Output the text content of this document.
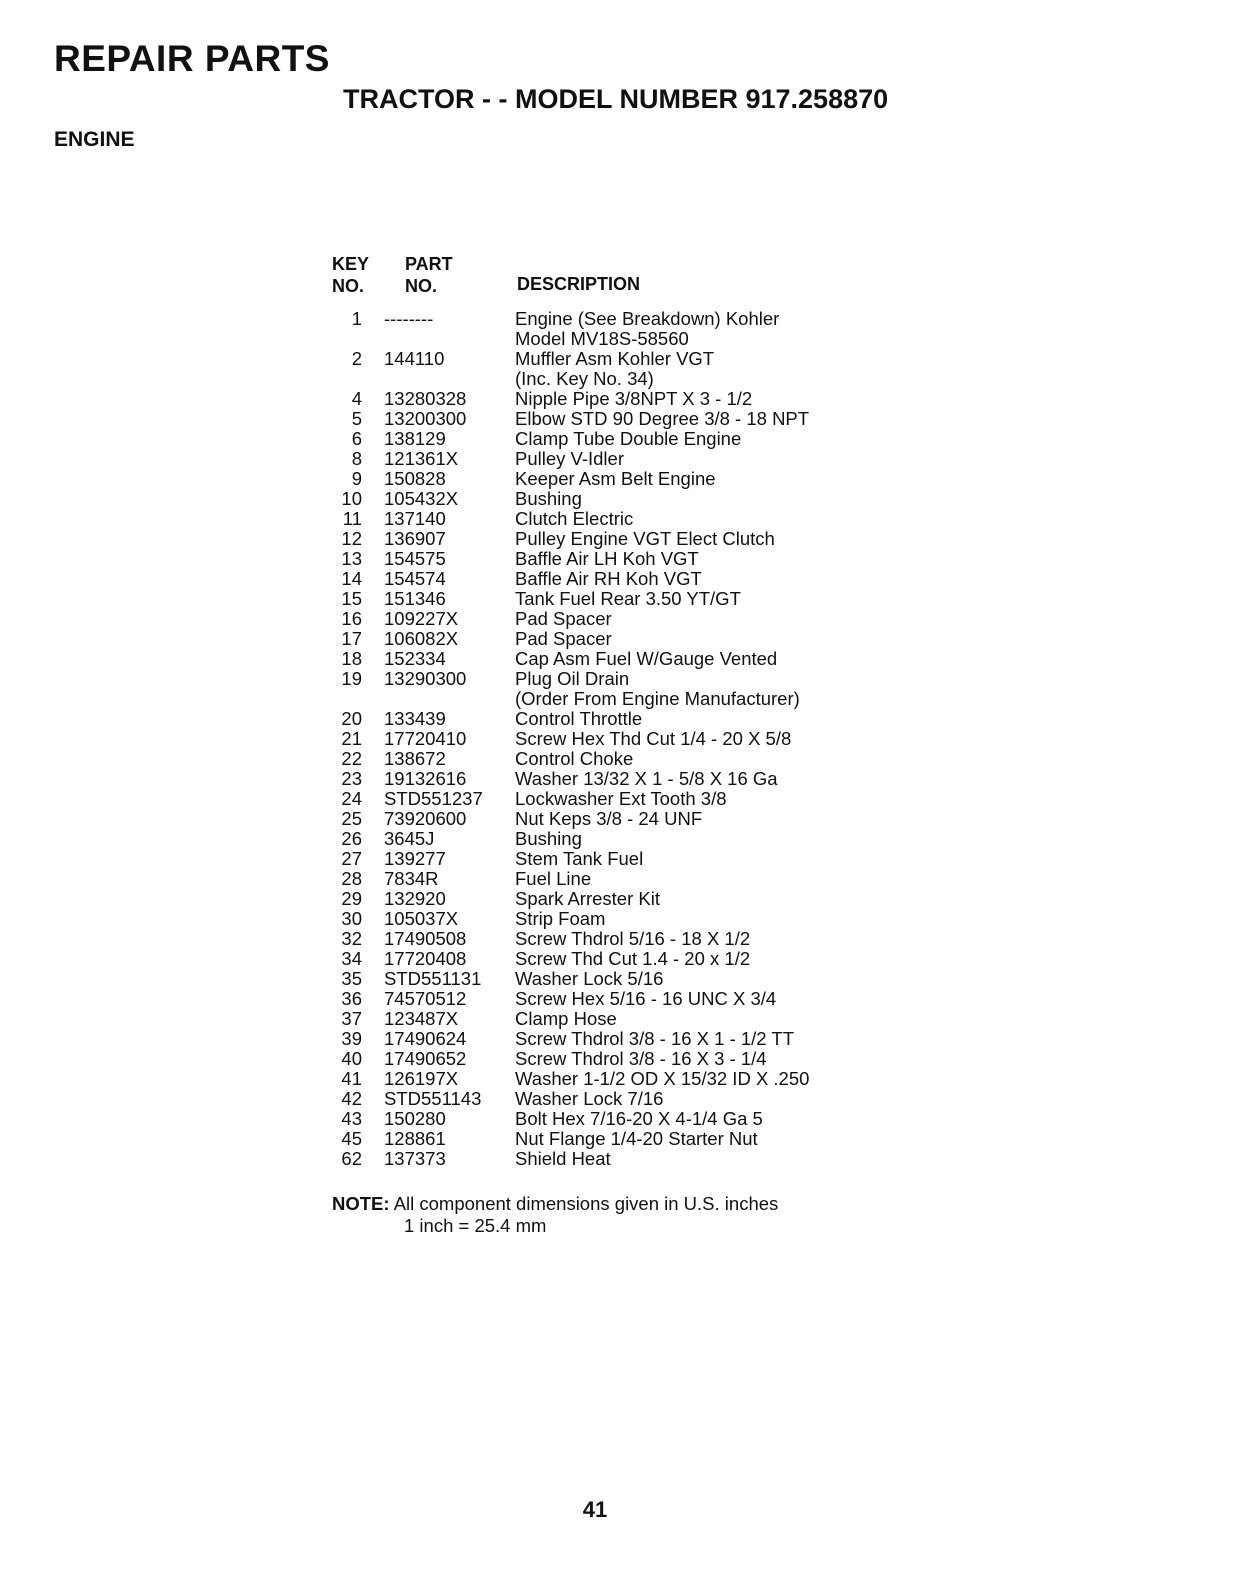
REPAIR PARTS
TRACTOR - - MODEL NUMBER 917.258870
ENGINE
KEY
NO.
PART
NO.	DESCRIPTION
1	--------	Engine (See Breakdown) Kohler
Model MV18S-58560
2	144110	Muffler Asm Kohler VGT
(Inc. Key No. 34)
4	13280328	Nipple Pipe 3/8NPT X 3 - 1/2
5	13200300	Elbow STD 90 Degree 3/8 - 18 NPT
6	138129	Clamp Tube Double Engine
8	121361X	Pulley V-Idler
9	150828	Keeper Asm Belt Engine
10	105432X	Bushing
11	137140	Clutch Electric
12	136907	Pulley Engine VGT Elect Clutch
13	154575	Baffle Air LH Koh VGT
14	154574	Baffle Air RH Koh VGT
15	151346	Tank Fuel Rear 3.50 YT/GT
16	109227X	Pad Spacer
17	106082X	Pad Spacer
18	152334	Cap Asm Fuel W/Gauge Vented
19	13290300	Plug Oil Drain
(Order From Engine Manufacturer)
20	133439	Control Throttle
21	17720410	Screw Hex Thd Cut 1/4 - 20 X 5/8
22	138672	Control Choke
23	19132616	Washer 13/32 X 1 - 5/8 X 16 Ga
24	STD551237	Lockwasher Ext Tooth 3/8
25	73920600	Nut Keps 3/8 - 24 UNF
26	3645J	Bushing
27	139277	Stem Tank Fuel
28	7834R	Fuel Line
29	132920	Spark Arrester Kit
30	105037X	Strip Foam
32	17490508	Screw Thdrol 5/16 - 18 X 1/2
34	17720408	Screw Thd Cut 1.4 - 20 x 1/2
35	STD551131	Washer Lock 5/16
36	74570512	Screw Hex 5/16 - 16 UNC X 3/4
37	123487X	Clamp Hose
39	17490624	Screw Thdrol 3/8 - 16 X 1 - 1/2 TT
40	17490652	Screw Thdrol 3/8 - 16 X 3 - 1/4
41	126197X	Washer 1-1/2 OD X 15/32 ID X .250
42	STD551143	Washer Lock 7/16
43	150280	Bolt Hex 7/16-20 X 4-1/4 Ga 5
45	128861	Nut Flange 1/4-20 Starter Nut
62	137373	Shield Heat
NOTE: All component dimensions given in U.S. inches
1 inch = 25.4 mm
41
